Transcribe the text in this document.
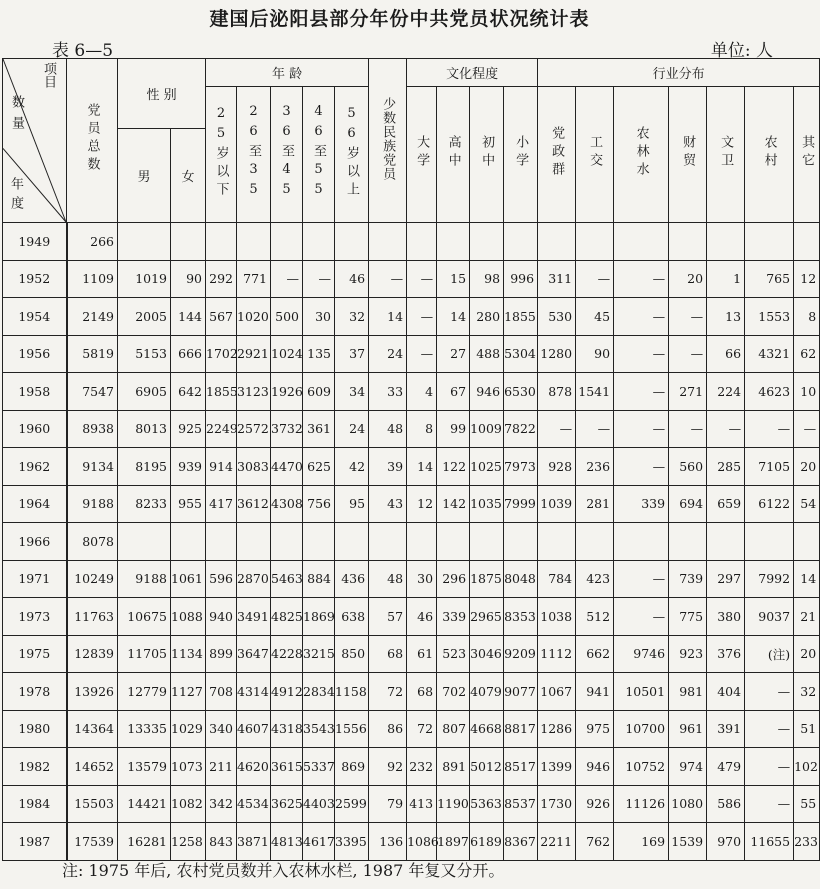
建国后泌阳县部分年份中共党员状况统计表
表 6—5	单位: 人
项目
数量
年度	党员总数	性 别		年 龄					少数民族党员	文化程度				行业分布						
				25岁以下	26至35	36至45	46至55	56岁以上		大学	高中	初中	小学	党政群	工交	农林水	财贸	文卫	农村	其它
		男	女																	
1949	266																			
1952	1109	1019	90	292	771	—	—	46	—	—	15	98	996	311	—	—	20	1	765	12
1954	2149	2005	144	567	1020	500	30	32	14	—	14	280	1855	530	45	—	—	13	1553	8
1956	5819	5153	666	1702	2921	1024	135	37	24	—	27	488	5304	1280	90	—	—	66	4321	62
1958	7547	6905	642	1855	3123	1926	609	34	33	4	67	946	6530	878	1541	—	271	224	4623	10
1960	8938	8013	925	2249	2572	3732	361	24	48	8	99	1009	7822	—	—	—	—	—	—	—
1962	9134	8195	939	914	3083	4470	625	42	39	14	122	1025	7973	928	236	—	560	285	7105	20
1964	9188	8233	955	417	3612	4308	756	95	43	12	142	1035	7999	1039	281	339	694	659	6122	54
1966	8078																			
1971	10249	9188	1061	596	2870	5463	884	436	48	30	296	1875	8048	784	423	—	739	297	7992	14
1973	11763	10675	1088	940	3491	4825	1869	638	57	46	339	2965	8353	1038	512	—	775	380	9037	21
1975	12839	11705	1134	899	3647	4228	3215	850	68	61	523	3046	9209	1112	662	9746	923	376	(注)	20
1978	13926	12779	1127	708	4314	4912	2834	1158	72	68	702	4079	9077	1067	941	10501	981	404	—	32
1980	14364	13335	1029	340	4607	4318	3543	1556	86	72	807	4668	8817	1286	975	10700	961	391	—	51
1982	14652	13579	1073	211	4620	3615	5337	869	92	232	891	5012	8517	1399	946	10752	974	479	—	102
1984	15503	14421	1082	342	4534	3625	4403	2599	79	413	1190	5363	8537	1730	926	11126	1080	586	—	55
1987	17539	16281	1258	843	3871	4813	4617	3395	136	1086	1897	6189	8367	2211	762	169	1539	970	11655	233
注: 1975 年后, 农村党员数并入农林水栏, 1987 年复又分开。
